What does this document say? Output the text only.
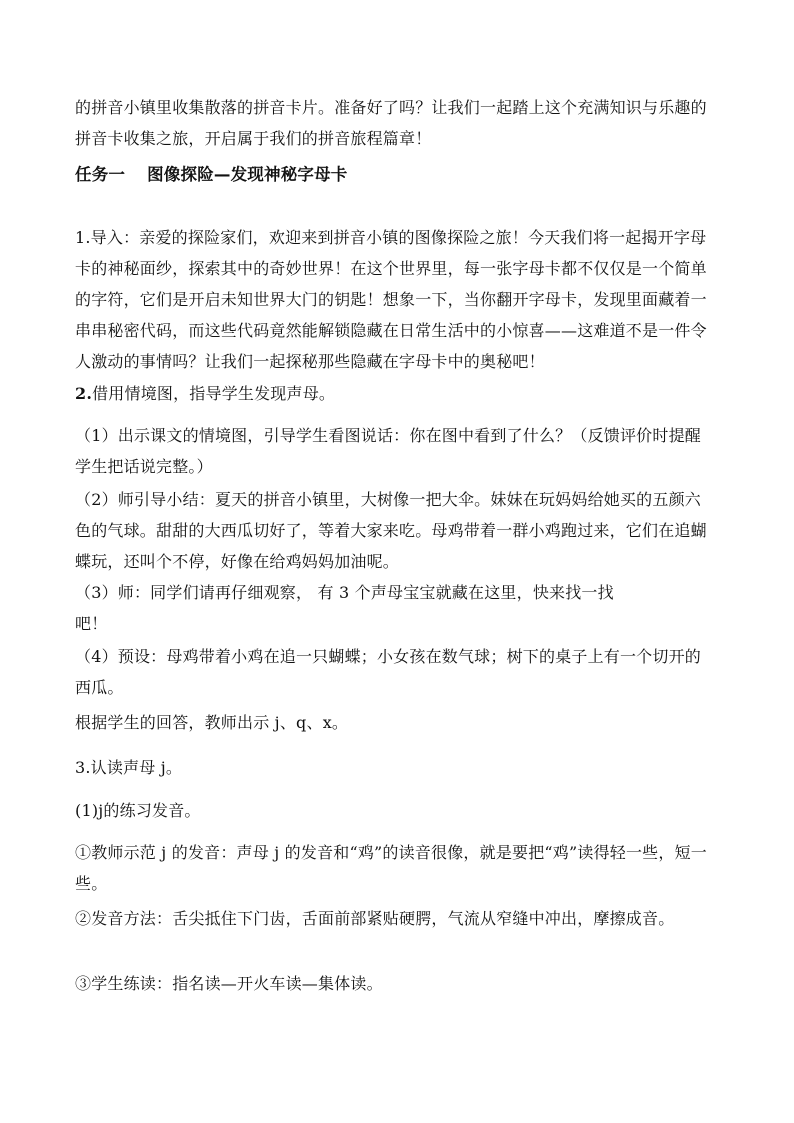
的拼音小镇里收集散落的拼音卡片。准备好了吗？让我们一起踏上这个充满知识与乐趣的拼音卡收集之旅，开启属于我们的拼音旅程篇章！

任务一 图像探险—发现神秘字母卡

1.导入：亲爱的探险家们，欢迎来到拼音小镇的图像探险之旅！今天我们将一起揭开字母卡的神秘面纱，探索其中的奇妙世界！在这个世界里，每一张字母卡都不仅仅是一个简单的字符，它们是开启未知世界大门的钥匙！想象一下，当你翻开字母卡，发现里面藏着一串串秘密代码，而这些代码竟然能解锁隐藏在日常生活中的小惊喜——这难道不是一件令人激动的事情吗？让我们一起探秘那些隐藏在字母卡中的奥秘吧！

2.借用情境图，指导学生发现声母。

（1）出示课文的情境图，引导学生看图说话：你在图中看到了什么？（反馈评价时提醒学生把话说完整。）

（2）师引导小结：夏天的拼音小镇里，大树像一把大伞。妹妹在玩妈妈给她买的五颜六色的气球。甜甜的大西瓜切好了，等着大家来吃。母鸡带着一群小鸡跑过来，它们在追蝴蝶玩，还叫个不停，好像在给鸡妈妈加油呢。

（3）师：同学们请再仔细观察， 有 3 个声母宝宝就藏在这里，快来找一找
吧！

（4）预设：母鸡带着小鸡在追一只蝴蝶；小女孩在数气球；树下的桌子上有一个切开的西瓜。

根据学生的回答，教师出示 j、q、x。

3.认读声母 j。

(1)j的练习发音。

①教师示范 j 的发音：声母 j 的发音和“鸡”的读音很像，就是要把“鸡”读得轻一些，短一些。

②发音方法：舌尖抵住下门齿，舌面前部紧贴硬腭，气流从窄缝中冲出，摩擦成音。

③学生练读：指名读—开火车读—集体读。
